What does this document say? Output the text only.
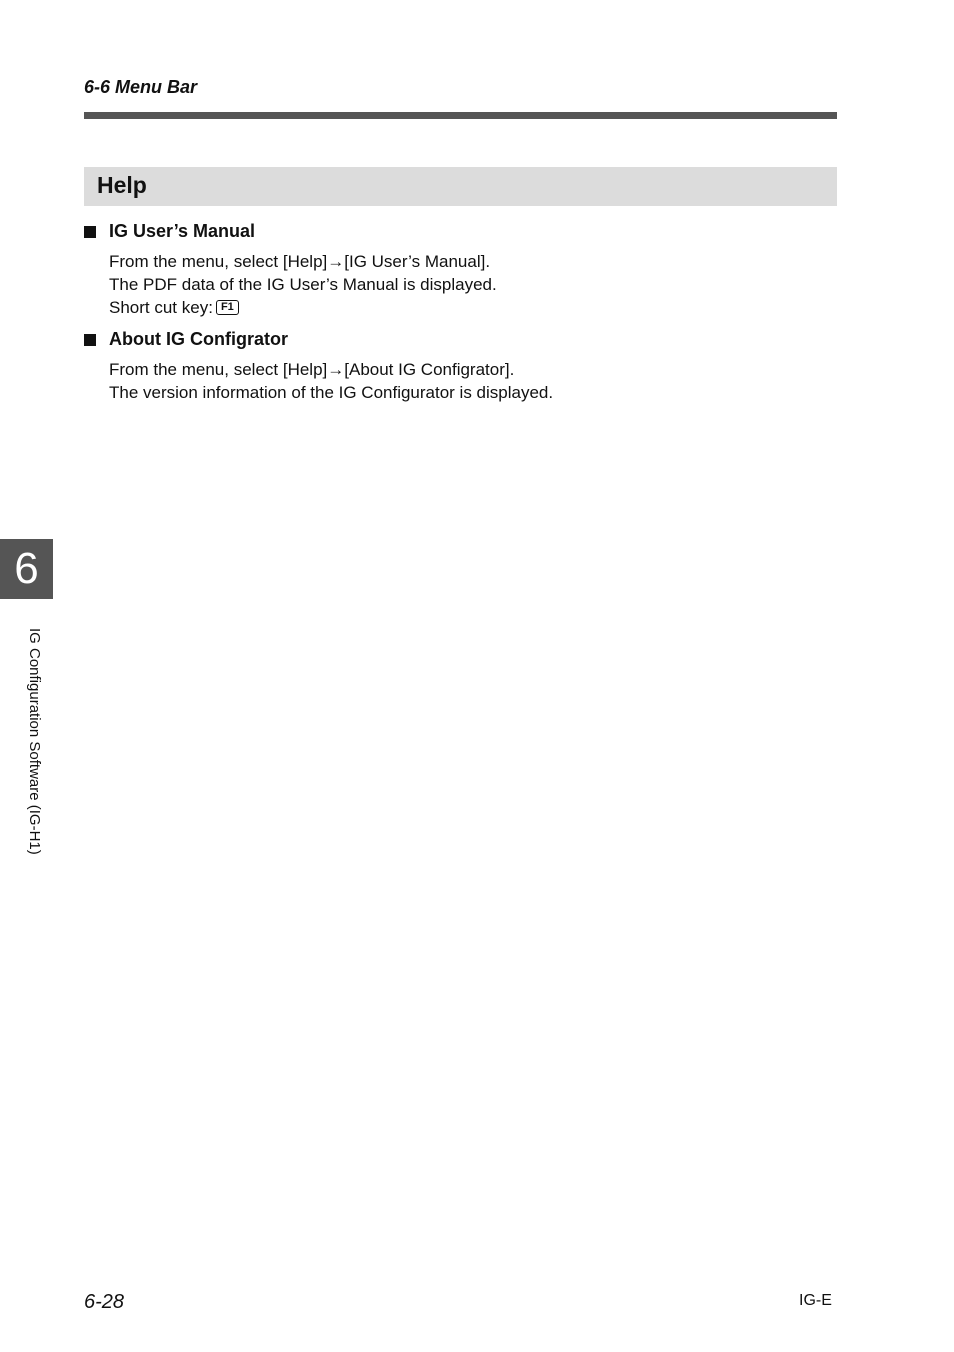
6-6 Menu Bar
Help
IG User’s Manual
From the menu, select [Help]→[IG User’s Manual].
The PDF data of the IG User’s Manual is displayed.
Short cut key: F1
About IG Configrator
From the menu, select [Help]→[About IG Configrator].
The version information of the IG Configurator is displayed.
6
IG Configuration Software (IG-H1)
6-28	IG-E
